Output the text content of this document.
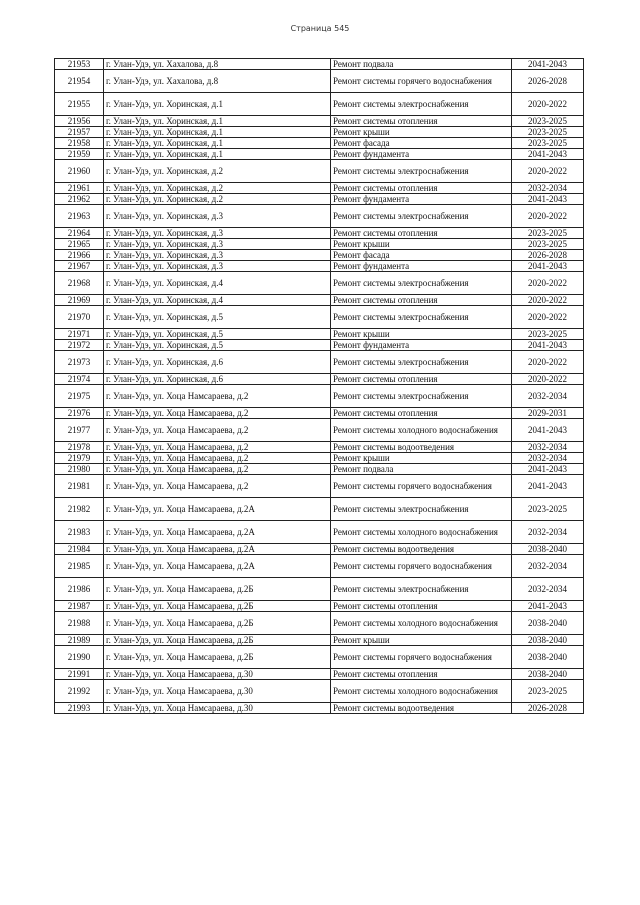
Страница 545
21953	г. Улан-Удэ, ул. Хахалова, д.8	Ремонт подвала	2041-2043
21954	г. Улан-Удэ, ул. Хахалова, д.8	Ремонт системы горячего водоснабжения	2026-2028
21955	г. Улан-Удэ, ул. Хоринская, д.1	Ремонт системы электроснабжения	2020-2022
21956	г. Улан-Удэ, ул. Хоринская, д.1	Ремонт системы отопления	2023-2025
21957	г. Улан-Удэ, ул. Хоринская, д.1	Ремонт крыши	2023-2025
21958	г. Улан-Удэ, ул. Хоринская, д.1	Ремонт фасада	2023-2025
21959	г. Улан-Удэ, ул. Хоринская, д.1	Ремонт фундамента	2041-2043
21960	г. Улан-Удэ, ул. Хоринская, д.2	Ремонт системы электроснабжения	2020-2022
21961	г. Улан-Удэ, ул. Хоринская, д.2	Ремонт системы отопления	2032-2034
21962	г. Улан-Удэ, ул. Хоринская, д.2	Ремонт фундамента	2041-2043
21963	г. Улан-Удэ, ул. Хоринская, д.3	Ремонт системы электроснабжения	2020-2022
21964	г. Улан-Удэ, ул. Хоринская, д.3	Ремонт системы отопления	2023-2025
21965	г. Улан-Удэ, ул. Хоринская, д.3	Ремонт крыши	2023-2025
21966	г. Улан-Удэ, ул. Хоринская, д.3	Ремонт фасада	2026-2028
21967	г. Улан-Удэ, ул. Хоринская, д.3	Ремонт фундамента	2041-2043
21968	г. Улан-Удэ, ул. Хоринская, д.4	Ремонт системы электроснабжения	2020-2022
21969	г. Улан-Удэ, ул. Хоринская, д.4	Ремонт системы отопления	2020-2022
21970	г. Улан-Удэ, ул. Хоринская, д.5	Ремонт системы электроснабжения	2020-2022
21971	г. Улан-Удэ, ул. Хоринская, д.5	Ремонт крыши	2023-2025
21972	г. Улан-Удэ, ул. Хоринская, д.5	Ремонт фундамента	2041-2043
21973	г. Улан-Удэ, ул. Хоринская, д.6	Ремонт системы электроснабжения	2020-2022
21974	г. Улан-Удэ, ул. Хоринская, д.6	Ремонт системы отопления	2020-2022
21975	г. Улан-Удэ, ул. Хоца Намсараева, д.2	Ремонт системы электроснабжения	2032-2034
21976	г. Улан-Удэ, ул. Хоца Намсараева, д.2	Ремонт системы отопления	2029-2031
21977	г. Улан-Удэ, ул. Хоца Намсараева, д.2	Ремонт системы холодного водоснабжения	2041-2043
21978	г. Улан-Удэ, ул. Хоца Намсараева, д.2	Ремонт системы водоотведения	2032-2034
21979	г. Улан-Удэ, ул. Хоца Намсараева, д.2	Ремонт крыши	2032-2034
21980	г. Улан-Удэ, ул. Хоца Намсараева, д.2	Ремонт подвала	2041-2043
21981	г. Улан-Удэ, ул. Хоца Намсараева, д.2	Ремонт системы горячего водоснабжения	2041-2043
21982	г. Улан-Удэ, ул. Хоца Намсараева, д.2А	Ремонт системы электроснабжения	2023-2025
21983	г. Улан-Удэ, ул. Хоца Намсараева, д.2А	Ремонт системы холодного водоснабжения	2032-2034
21984	г. Улан-Удэ, ул. Хоца Намсараева, д.2А	Ремонт системы водоотведения	2038-2040
21985	г. Улан-Удэ, ул. Хоца Намсараева, д.2А	Ремонт системы горячего водоснабжения	2032-2034
21986	г. Улан-Удэ, ул. Хоца Намсараева, д.2Б	Ремонт системы электроснабжения	2032-2034
21987	г. Улан-Удэ, ул. Хоца Намсараева, д.2Б	Ремонт системы отопления	2041-2043
21988	г. Улан-Удэ, ул. Хоца Намсараева, д.2Б	Ремонт системы холодного водоснабжения	2038-2040
21989	г. Улан-Удэ, ул. Хоца Намсараева, д.2Б	Ремонт крыши	2038-2040
21990	г. Улан-Удэ, ул. Хоца Намсараева, д.2Б	Ремонт системы горячего водоснабжения	2038-2040
21991	г. Улан-Удэ, ул. Хоца Намсараева, д.30	Ремонт системы отопления	2038-2040
21992	г. Улан-Удэ, ул. Хоца Намсараева, д.30	Ремонт системы холодного водоснабжения	2023-2025
21993	г. Улан-Удэ, ул. Хоца Намсараева, д.30	Ремонт системы водоотведения	2026-2028
